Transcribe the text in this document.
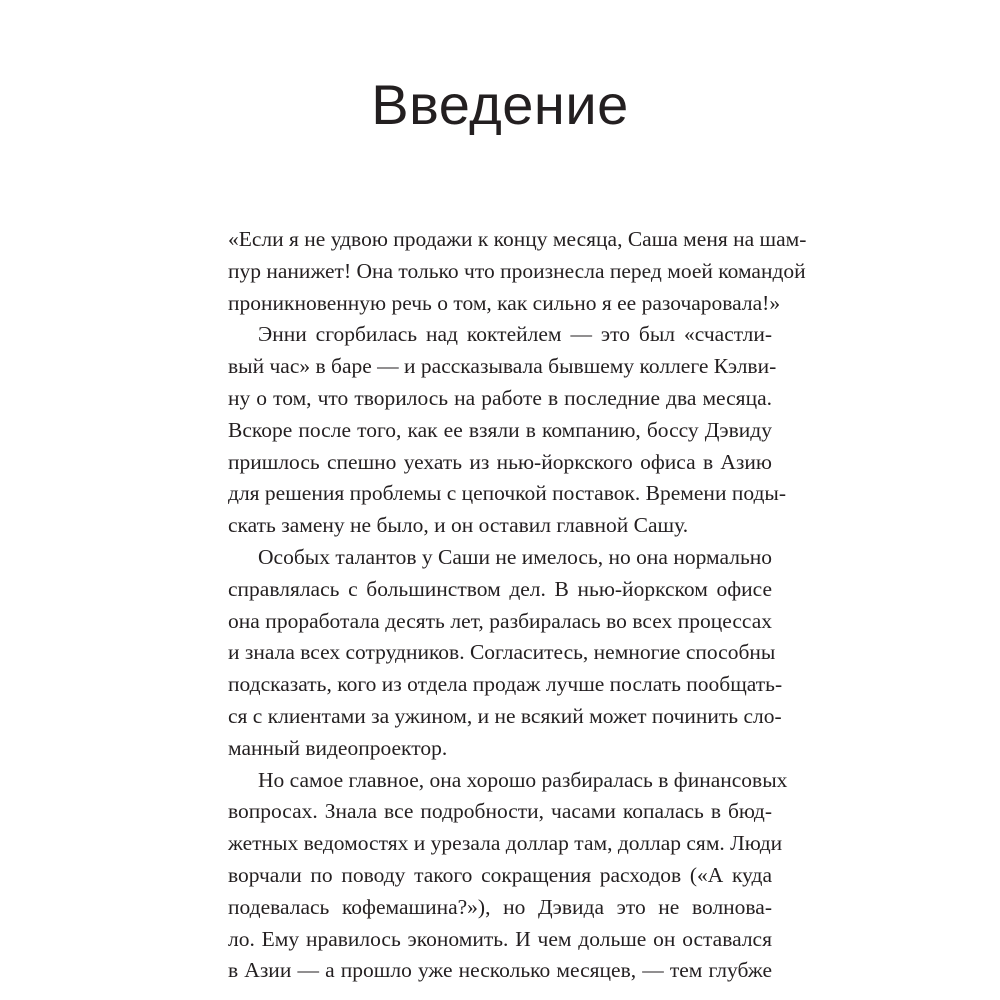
Введение
«Если я не удвою продажи к концу месяца, Саша меня на шам-
пур нанижет! Она только что произнесла перед моей командой
проникновенную речь о том, как сильно я ее разочаровала!»
Энни сгорбилась над коктейлем — это был «счастли-
вый час» в баре — и рассказывала бывшему коллеге Кэлви-
ну о том, что творилось на работе в последние два месяца.
Вскоре после того, как ее взяли в компанию, боссу Дэвиду
пришлось спешно уехать из нью-йоркского офиса в Азию
для решения проблемы с цепочкой поставок. Времени поды-
скать замену не было, и он оставил главной Сашу.
Особых талантов у Саши не имелось, но она нормально
справлялась с большинством дел. В нью-йоркском офисе
она проработала десять лет, разбиралась во всех процессах
и знала всех сотрудников. Согласитесь, немногие способны
подсказать, кого из отдела продаж лучше послать пообщать-
ся с клиентами за ужином, и не всякий может починить сло-
манный видеопроектор.
Но самое главное, она хорошо разбиралась в финансовых
вопросах. Знала все подробности, часами копалась в бюд-
жетных ведомостях и урезала доллар там, доллар сям. Люди
ворчали по поводу такого сокращения расходов («А куда
подевалась кофемашина?»), но Дэвида это не волнова-
ло. Ему нравилось экономить. И чем дольше он оставался
в Азии — а прошло уже несколько месяцев, — тем глубже
